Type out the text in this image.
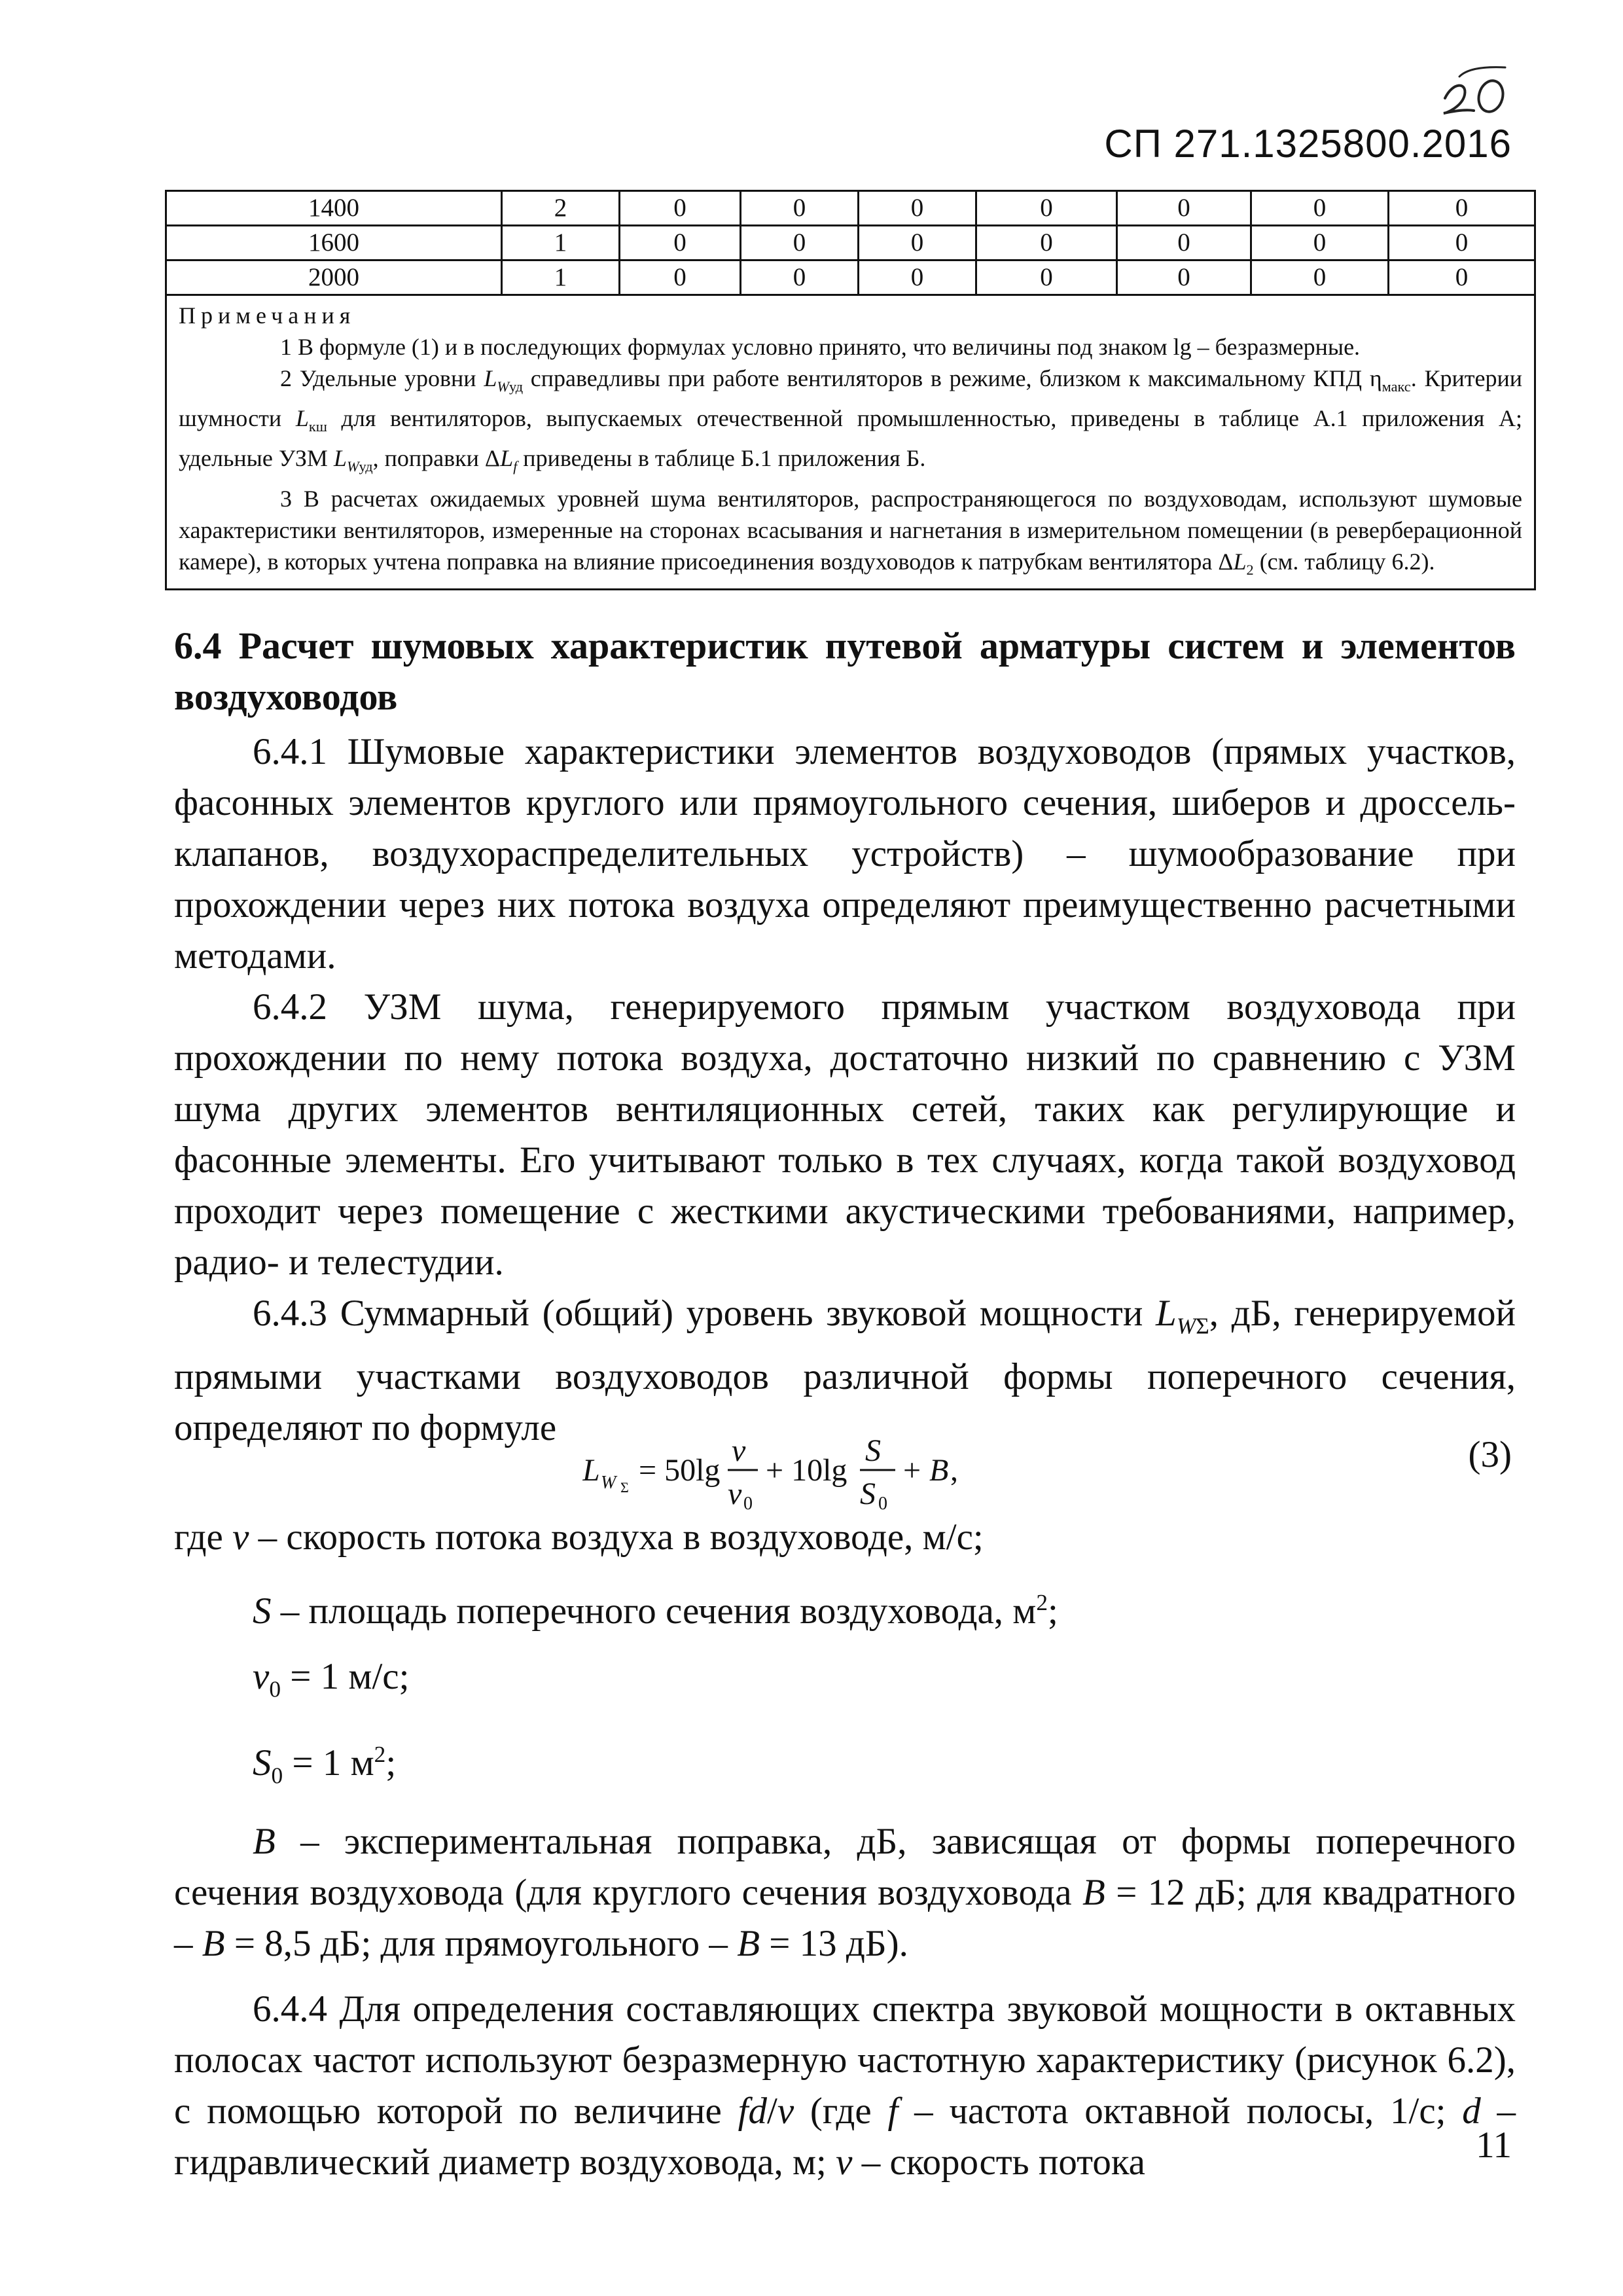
СП 271.1325800.2016
1400	2	0	0	0	0	0	0	0
1600	1	0	0	0	0	0	0	0
2000	1	0	0	0	0	0	0	0

Примечания
1 В формуле (1) и в последующих формулах условно принято, что величины под знаком lg – безразмерные.
2 Удельные уровни $L_{Wуд}$ справедливы при работе вентиляторов в режиме, близком к максимальному КПД $\eta_{макс}$. Критерии шумности $L_{кш}$ для вентиляторов, выпускаемых отечественной промышленностью, приведены в таблице А.1 приложения А; удельные УЗМ $L_{Wуд}$, поправки $\Delta L_f$ приведены в таблице Б.1 приложения Б.
3 В расчетах ожидаемых уровней шума вентиляторов, распространяющегося по воздуховодам, используют шумовые характеристики вентиляторов, измеренные на сторонах всасывания и нагнетания в измерительном помещении (в реверберационной камере), в которых учтена поправка на влияние присоединения воздуховодов к патрубкам вентилятора $\Delta L_2$ (см. таблицу 6.2).								
6.4 Расчет шумовых характеристик путевой арматуры систем и элементов воздуховодов

6.4.1 Шумовые характеристики элементов воздуховодов (прямых участков, фасонных элементов круглого или прямоугольного сечения, шиберов и дроссель-клапанов, воздухораспределительных устройств) – шумообразование при прохождении через них потока воздуха определяют преимущественно расчетными методами.

6.4.2 УЗМ шума, генерируемого прямым участком воздуховода при прохождении по нему потока воздуха, достаточно низкий по сравнению с УЗМ шума других элементов вентиляционных сетей, таких как регулирующие и фасонные элементы. Его учитывают только в тех случаях, когда такой воздуховод проходит через помещение с жесткими акустическими требованиями, например, радио- и телестудии.

6.4.3 Суммарный (общий) уровень звуковой мощности $L_{W\Sigma}$, дБ, генерируемой прямыми участками воздуховодов различной формы поперечного сечения, определяют по формуле

L W Σ = 50lg
v
v 0
+ 10lg
S
S 0
+ B ,	(3)

где v – скорость потока воздуха в воздуховоде, м/с;

S – площадь поперечного сечения воздуховода, $м^2$;

$v_0 = 1$ м/с;

$S_0 = 1$ $м^2$;

B – экспериментальная поправка, дБ, зависящая от формы поперечного сечения воздуховода (для круглого сечения воздуховода B = 12 дБ; для квадратного – B = 8,5 дБ; для прямоугольного – B = 13 дБ).

6.4.4 Для определения составляющих спектра звуковой мощности в октавных полосах частот используют безразмерную частотную характеристику (рисунок 6.2), с помощью которой по величине fd/v (где f – частота октавной полосы, 1/с; d – гидравлический диаметр воздуховода, м; v – скорость потока	11
